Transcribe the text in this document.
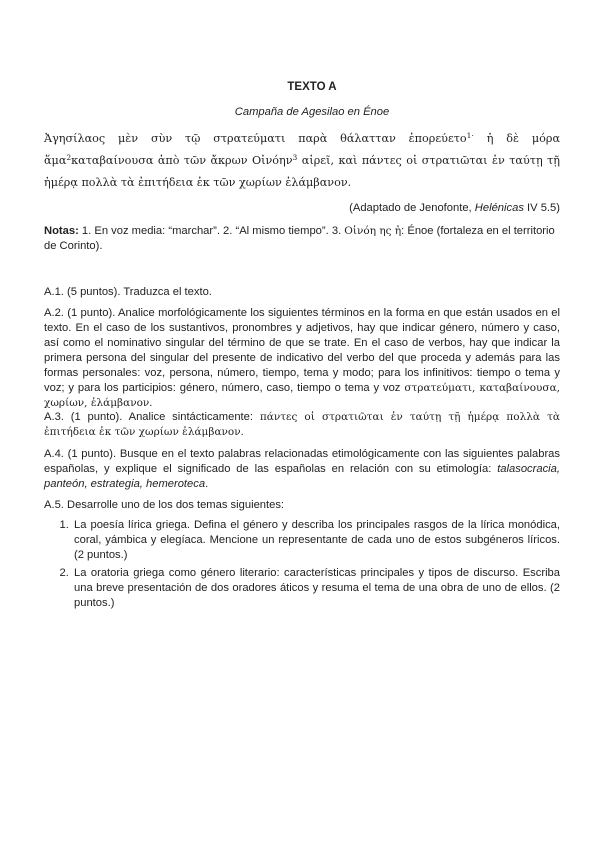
TEXTO A
Campaña de Agesilao en Énoe
Ἀγησίλαος μὲν σὺν τῷ στρατεύματι παρὰ θάλατταν ἐπορεύετο$^{1\cdot}$ ἡ δὲ μόρα ἅμα$^2$καταβαίνουσα ἀπὸ τῶν ἄκρων Οἰνόην$^3$ αἱρεῖ, καὶ πάντες οἱ στρατιῶται ἐν ταύτῃ τῇ ἡμέρᾳ πολλὰ τὰ ἐπιτήδεια ἐκ τῶν χωρίων ἐλάμβανον.
(Adaptado de Jenofonte, Helénicas IV 5.5)
Notas: 1. En voz media: “marchar”. 2. “Al mismo tiempo”. 3. Οἰνόη ης ἡ: Énoe (fortaleza en el territorio de Corinto).
A.1. (5 puntos). Traduzca el texto.
A.2. (1 punto). Analice morfológicamente los siguientes términos en la forma en que están usados en el texto. En el caso de los sustantivos, pronombres y adjetivos, hay que indicar género, número y caso, así como el nominativo singular del término de que se trate. En el caso de verbos, hay que indicar la primera persona del singular del presente de indicativo del verbo del que proceda y además para las formas personales: voz, persona, número, tiempo, tema y modo; para los infinitivos: tiempo o tema y voz; y para los participios: género, número, caso, tiempo o tema y voz στρατεύματι, καταβαίνουσα, χωρίων, ἐλάμβανον.
A.3. (1 punto). Analice sintácticamente: πάντες οἱ στρατιῶται ἐν ταύτῃ τῇ ἡμέρᾳ πολλὰ τὰ ἐπιτήδεια ἐκ τῶν χωρίων ἐλάμβανον.
A.4. (1 punto). Busque en el texto palabras relacionadas etimológicamente con las siguientes palabras españolas, y explique el significado de las españolas en relación con su etimología: talasocracia, panteón, estrategia, hemeroteca.
A.5. Desarrolle uno de los dos temas siguientes:
1. La poesía lírica griega. Defina el género y describa los principales rasgos de la lírica monódica, coral, yámbica y elegíaca. Mencione un representante de cada uno de estos subgéneros líricos. (2 puntos.)
2. La oratoria griega como género literario: características principales y tipos de discurso. Escriba una breve presentación de dos oradores áticos y resuma el tema de una obra de uno de ellos. (2 puntos.)
